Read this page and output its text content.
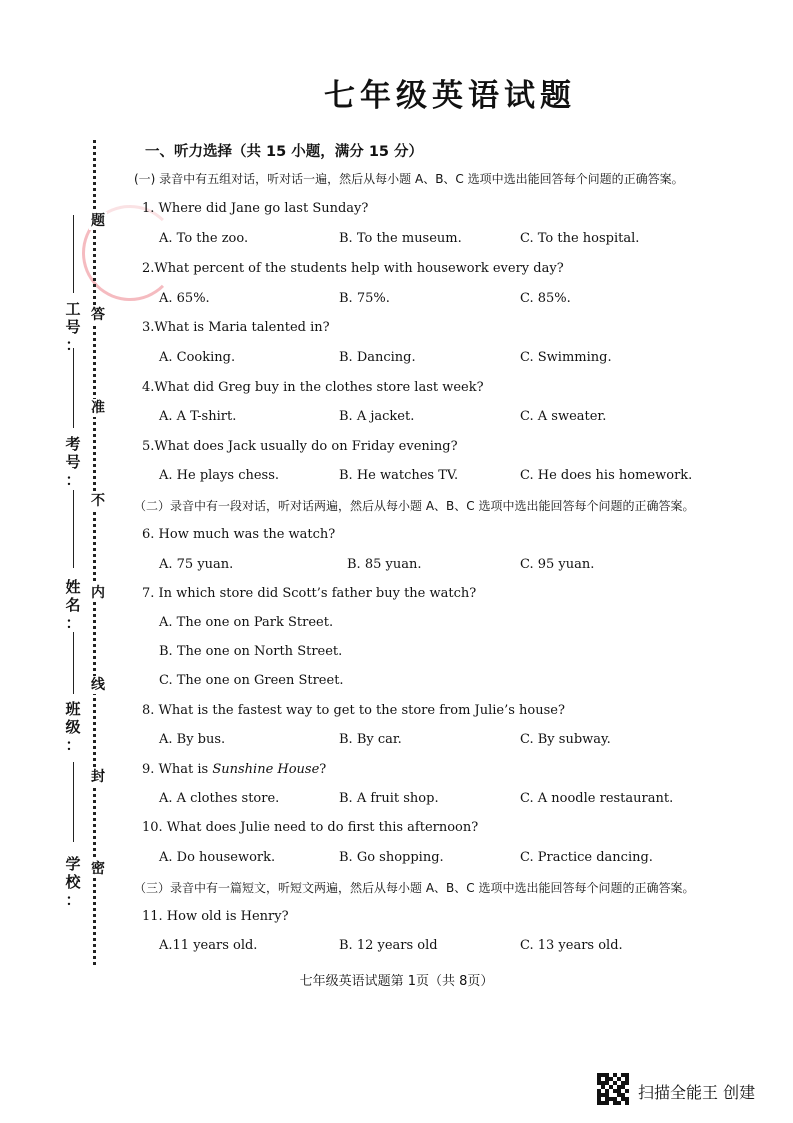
七年级英语试题
题
答
准
不
内
线
封
密
工
号
：
考
号
：
姓
名
：
班
级
：
学
校
：
一、听力选择（共 15 小题，满分 15 分）
(一) 录音中有五组对话，听对话一遍，然后从每小题 A、B、C 选项中选出能回答每个问题的正确答案。
1. Where did Jane go last Sunday?
A. To the zoo.	B. To the museum.	C. To the hospital.
2.What percent of the students help with housework every day?
A. 65%.	B. 75%.	C. 85%.
3.What is Maria talented in?
A. Cooking.	B. Dancing.	C. Swimming.
4.What did Greg buy in the clothes store last week?
A. A T-shirt.	B. A jacket.	C. A sweater.
5.What does Jack usually do on Friday evening?
A. He plays chess.	B. He watches TV.	C. He does his homework.
（二）录音中有一段对话，听对话两遍，然后从每小题 A、B、C 选项中选出能回答每个问题的正确答案。
6. How much was the watch?
A. 75 yuan.	B. 85 yuan.	C. 95 yuan.
7. In which store did Scott’s father buy the watch?
A. The one on Park Street.
B. The one on North Street.
C. The one on Green Street.
8. What is the fastest way to get to the store from Julie’s house?
A. By bus.	B. By car.	C. By subway.
9. What is Sunshine House?
A. A clothes store.	B. A fruit shop.	C. A noodle restaurant.
10. What does Julie need to do first this afternoon?
A. Do housework.	B. Go shopping.	C. Practice dancing.
（三）录音中有一篇短文，听短文两遍，然后从每小题 A、B、C 选项中选出能回答每个问题的正确答案。
11. How old is Henry?
A.11 years old.	B. 12 years old	C. 13 years old.
七年级英语试题第 1页（共 8页）
扫描全能王 创建
